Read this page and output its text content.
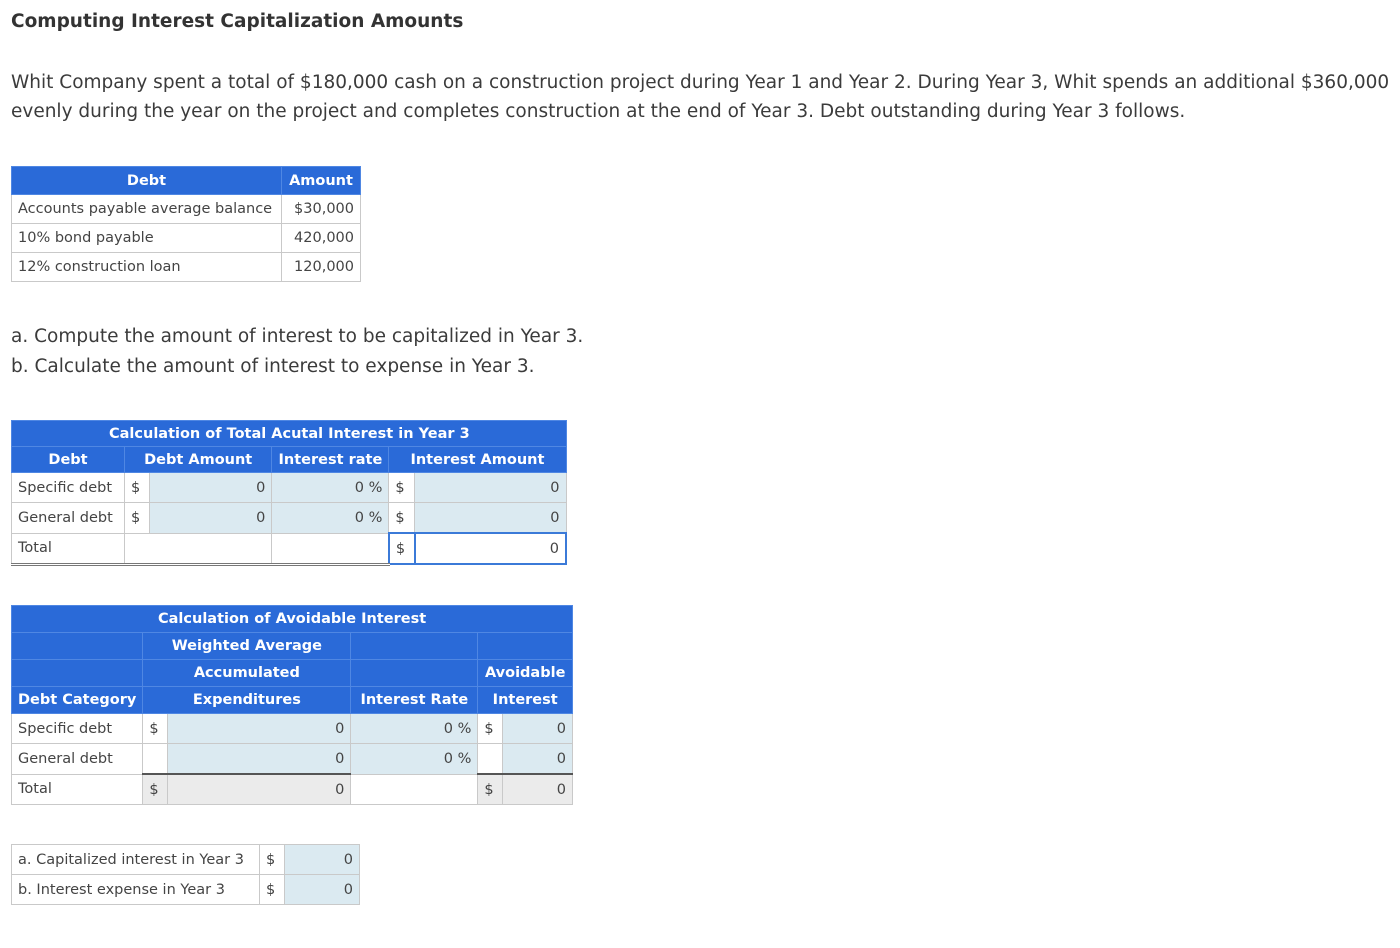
Computing Interest Capitalization Amounts

Whit Company spent a total of $180,000 cash on a construction project during Year 1 and Year 2. During Year 3, Whit spends an additional $360,000 evenly during the year on the project and completes construction at the end of Year 3. Debt outstanding during Year 3 follows.

Debt	Amount
Accounts payable average balance	$30,000
10% bond payable	420,000
12% construction loan	120,000
a. Compute the amount of interest to be capitalized in Year 3.
b. Calculate the amount of interest to expense in Year 3.
Calculation of Total Acutal Interest in Year 3					
Debt	Debt Amount		Interest rate	Interest Amount	
Specific debt	$	0	0 %	$	0
General debt	$	0	0 %	$	0
Total				$	0
Calculation of Avoidable Interest					
	Weighted Average				
	Accumulated			Avoidable	
Debt Category	Expenditures		Interest Rate	Interest	
Specific debt	$	0	0 %	$	0
General debt		0	0 %		0
Total	$	0		$	0
a. Capitalized interest in Year 3	$	0
b. Interest expense in Year 3	$	0
